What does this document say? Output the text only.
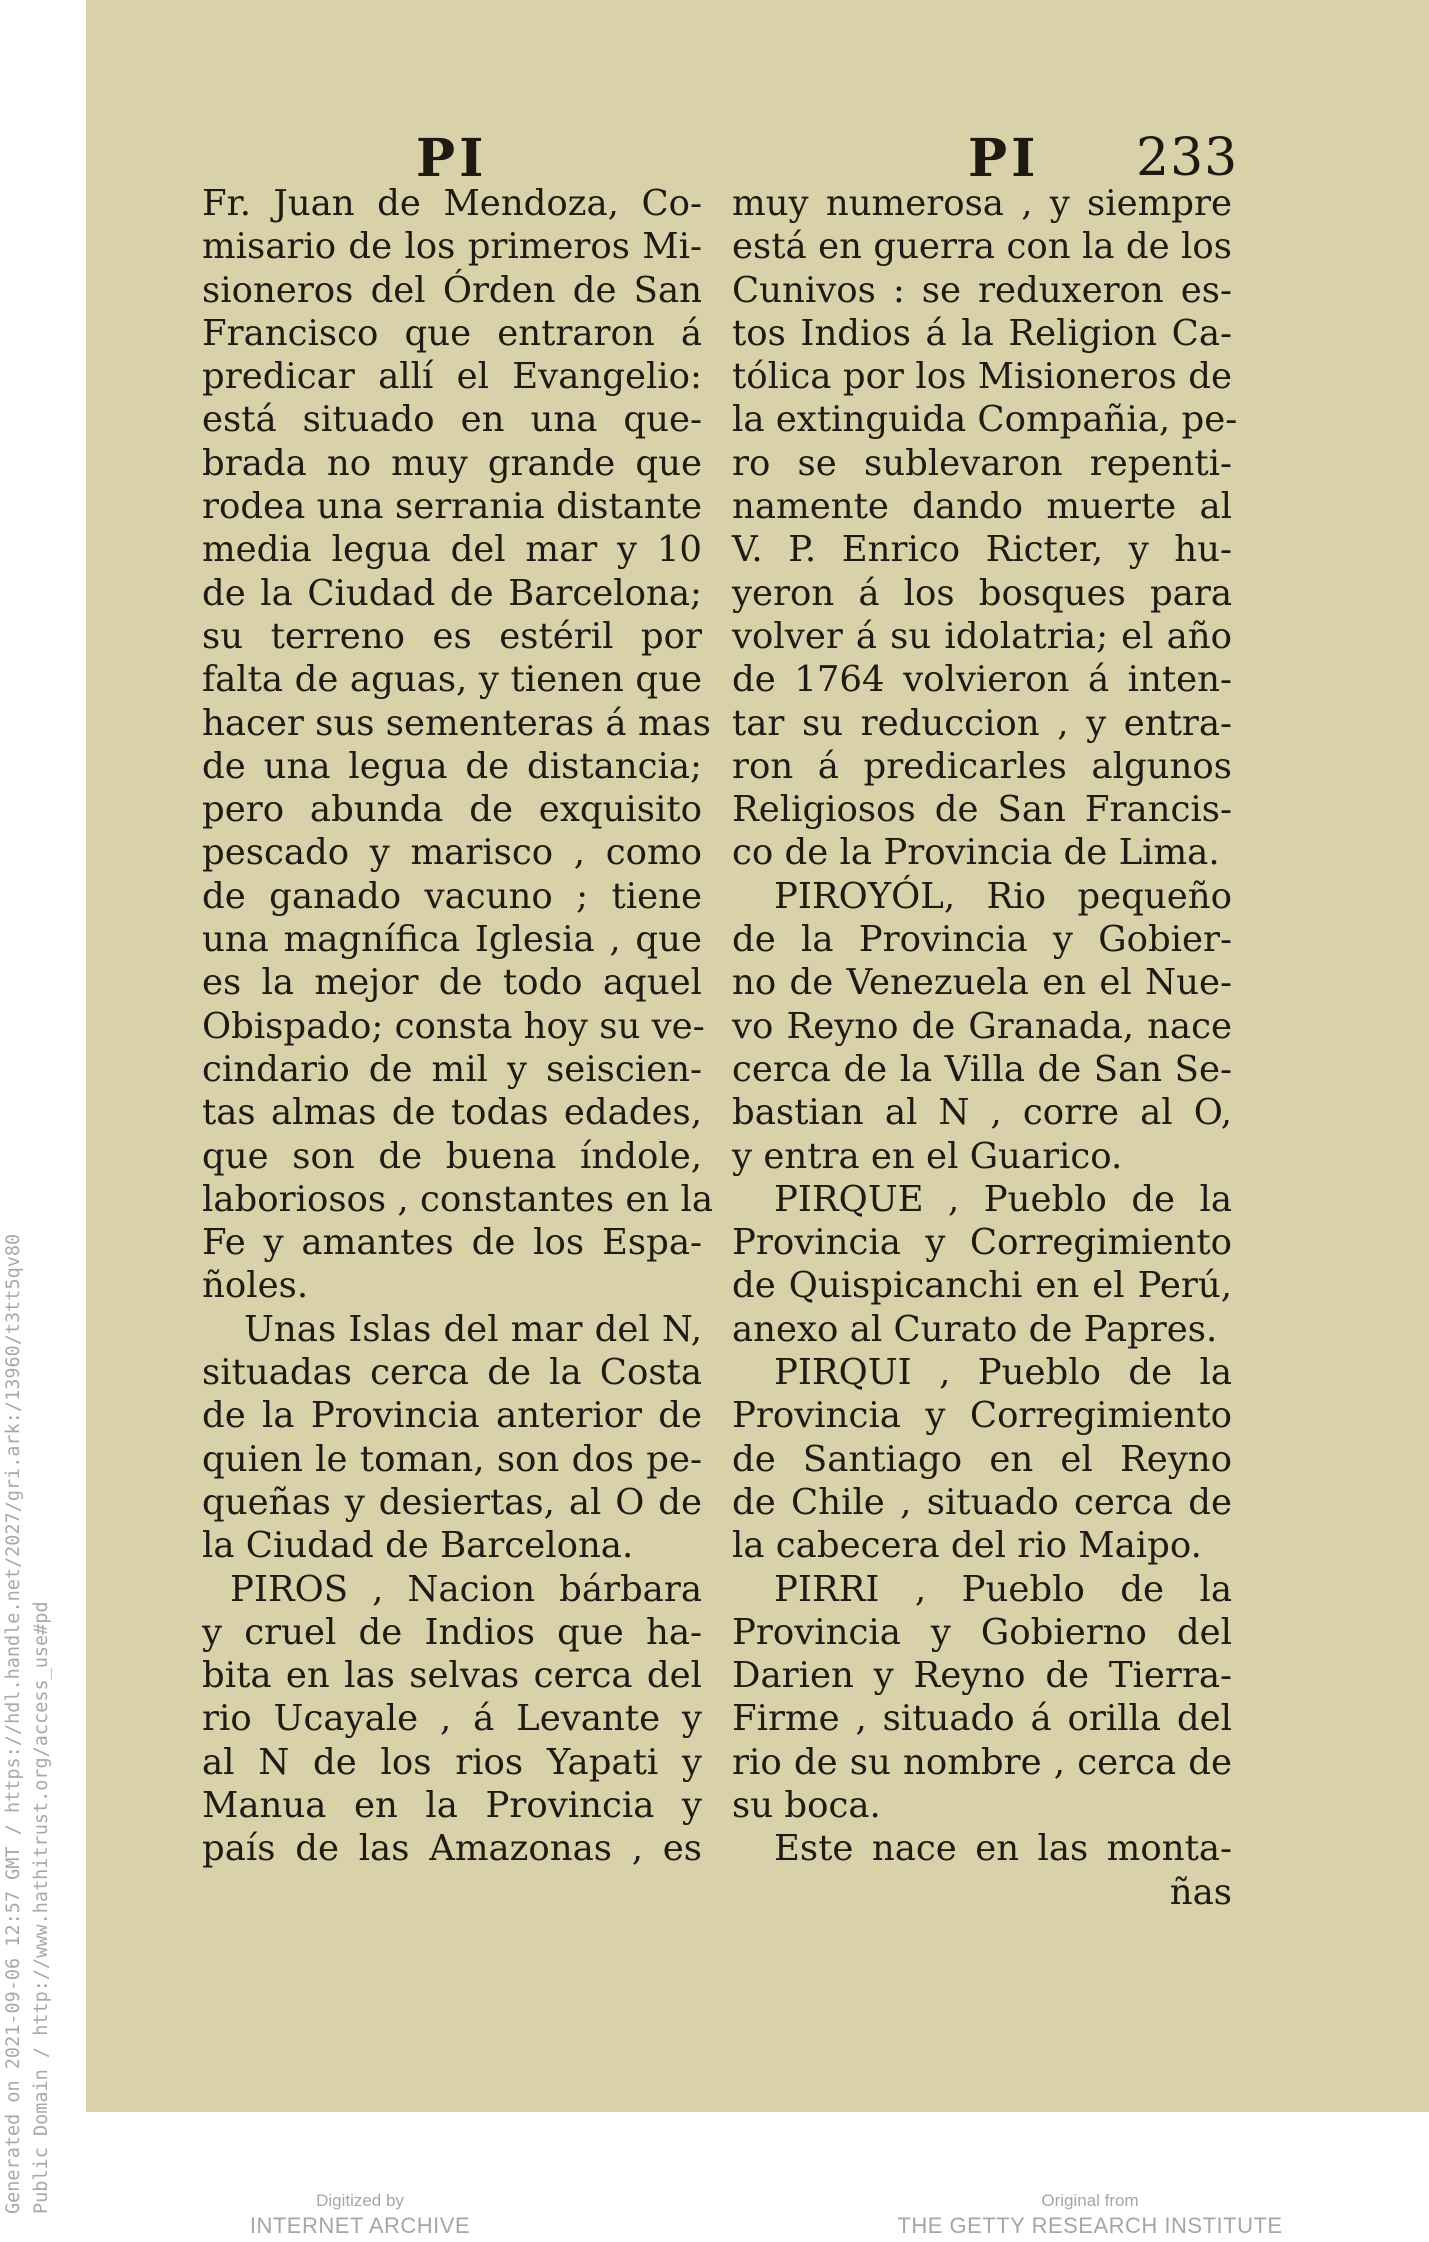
Generated on 2021-09-06 12:57 GMT / https://hdl.handle.net/2027/gri.ark:/13960/t3tt5qv80 Public Domain / http://www.hathitrust.org/access_use#pd
PI	PI 233
Fr. Juan de Mendoza, Co-
misario de los primeros Mi-
sioneros del Órden de San
Francisco que entraron á
predicar allí el Evangelio:
está situado en una que-
brada no muy grande que
rodea una serrania distante
media legua del mar y 10
de la Ciudad de Barcelona;
su terreno es estéril por
falta de aguas, y tienen que
hacer sus sementeras á mas
de una legua de distancia;
pero abunda de exquisito
pescado y marisco , como
de ganado vacuno ; tiene
una magnífica Iglesia , que
es la mejor de todo aquel
Obispado; consta hoy su ve-
cindario de mil y seiscien-
tas almas de todas edades,
que son de buena índole,
laboriosos , constantes en la
Fe y amantes de los Espa-
ñoles.
Unas Islas del mar del N,
situadas cerca de la Costa
de la Provincia anterior de
quien le toman, son dos pe-
queñas y desiertas, al O de
la Ciudad de Barcelona.
PIROS , Nacion bárbara
y cruel de Indios que ha-
bita en las selvas cerca del
rio Ucayale , á Levante y
al N de los rios Yapati y
Manua en la Provincia y
país de las Amazonas , es
muy numerosa , y siempre
está en guerra con la de los
Cunivos : se reduxeron es-
tos Indios á la Religion Ca-
tólica por los Misioneros de
la extinguida Compañia, pe-
ro se sublevaron repenti-
namente dando muerte al
V. P. Enrico Ricter, y hu-
yeron á los bosques para
volver á su idolatria; el año
de 1764 volvieron á inten-
tar su reduccion , y entra-
ron á predicarles algunos
Religiosos de San Francis-
co de la Provincia de Lima.
PIROYÓL, Rio pequeño
de la Provincia y Gobier-
no de Venezuela en el Nue-
vo Reyno de Granada, nace
cerca de la Villa de San Se-
bastian al N , corre al O,
y entra en el Guarico.
PIRQUE , Pueblo de la
Provincia y Corregimiento
de Quispicanchi en el Perú,
anexo al Curato de Papres.
PIRQUI , Pueblo de la
Provincia y Corregimiento
de Santiago en el Reyno
de Chile , situado cerca de
la cabecera del rio Maipo.
PIRRI , Pueblo de la
Provincia y Gobierno del
Darien y Reyno de Tierra-
Firme , situado á orilla del
rio de su nombre , cerca de
su boca.
Este nace en las monta-
ñas
Digitized by
INTERNET ARCHIVE
Original from
THE GETTY RESEARCH INSTITUTE
